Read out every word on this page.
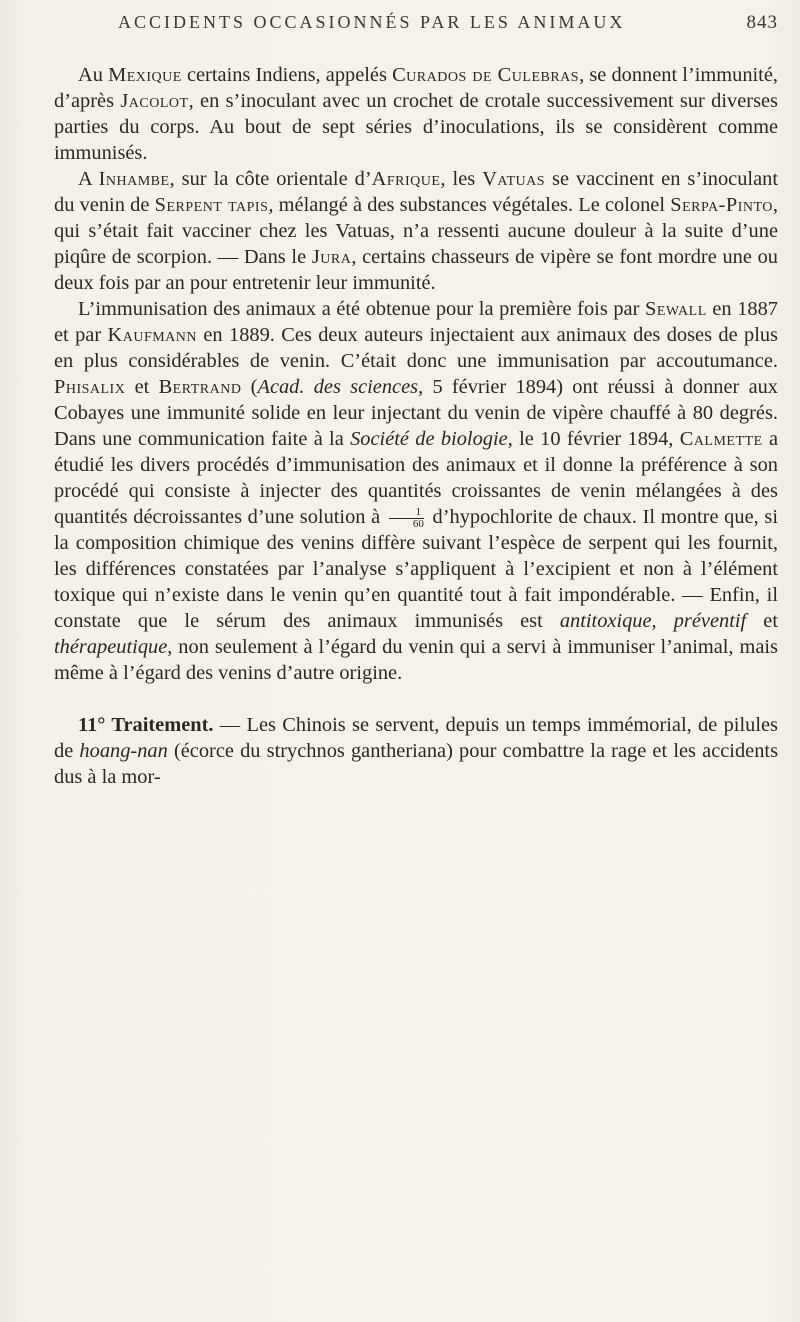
ACCIDENTS OCCASIONNÉS PAR LES ANIMAUX	843

Au Mexique certains Indiens, appelés Curados de Culebras, se donnent l’immunité, d’après Jacolot, en s’inoculant avec un crochet de crotale successivement sur diverses parties du corps. Au bout de sept séries d’inoculations, ils se considèrent comme immunisés.

A Inhambe, sur la côte orientale d’Afrique, les Vatuas se vaccinent en s’inoculant du venin de Serpent tapis, mélangé à des substances végétales. Le colonel Serpa-Pinto, qui s’était fait vacciner chez les Vatuas, n’a ressenti aucune douleur à la suite d’une piqûre de scorpion. — Dans le Jura, certains chasseurs de vipère se font mordre une ou deux fois par an pour entretenir leur immunité.

L’immunisation des animaux a été obtenue pour la première fois par Sewall en 1887 et par Kaufmann en 1889. Ces deux auteurs injectaient aux animaux des doses de plus en plus considérables de venin. C’était donc une immunisation par accoutumance. Phisalix et Bertrand (Acad. des sciences, 5 février 1894) ont réussi à donner aux Cobayes une immunité solide en leur injectant du venin de vipère chauffé à 80 degrés. Dans une communication faite à la Société de biologie, le 10 février 1894, Calmette a étudié les divers procédés d’immunisation des animaux et il donne la préférence à son procédé qui consiste à injecter des quantités croissantes de venin mélangées à des quantités décroissantes d’une solution à $\frac{1}{60}$ d’hypochlorite de chaux. Il montre que, si la composition chimique des venins diffère suivant l’espèce de serpent qui les fournit, les différences constatées par l’analyse s’appliquent à l’excipient et non à l’élément toxique qui n’existe dans le venin qu’en quantité tout à fait impondérable. — Enfin, il constate que le sérum des animaux immunisés est antitoxique, préventif et thérapeutique, non seulement à l’égard du venin qui a servi à immuniser l’animal, mais même à l’égard des venins d’autre origine.

11° Traitement. — Les Chinois se servent, depuis un temps immémorial, de pilules de hoang-nan (écorce du strychnos gantheriana) pour combattre la rage et les accidents dus à la mor-
